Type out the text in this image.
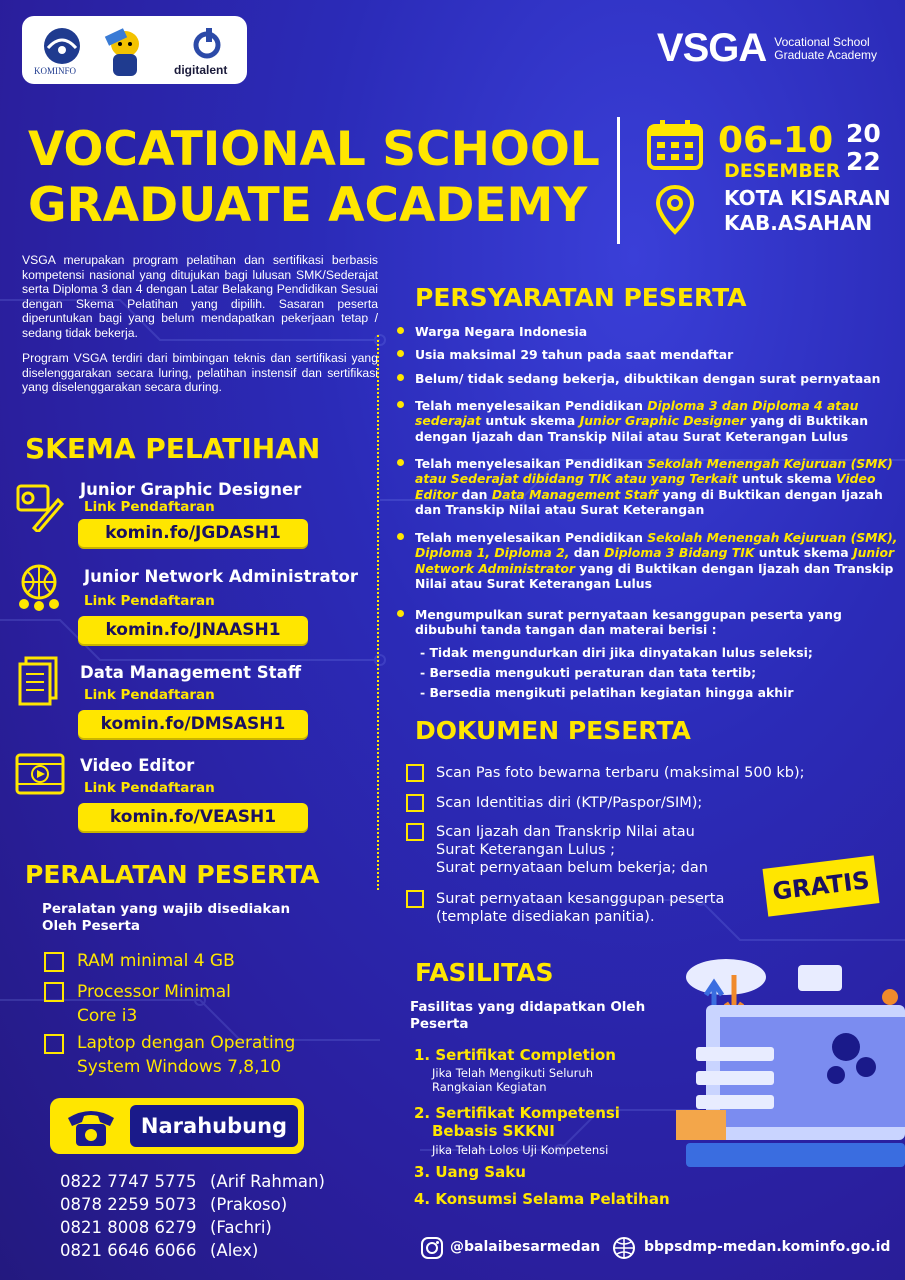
KOMINFO	digitalent	VSGA Vocational School
Graduate Academy
VOCATIONAL SCHOOL
GRADUATE ACADEMY
06-10
DESEMBER
20
22
KOTA KISARAN
KAB.ASAHAN
VSGA merupakan program pelatihan dan sertifikasi berbasis kompetensi nasional yang ditujukan bagi lulusan SMK/Sederajat serta Diploma 3 dan 4 dengan Latar Belakang Pendidikan Sesuai dengan Skema Pelatihan yang dipilih. Sasaran peserta diperuntukan bagi yang belum mendapatkan pekerjaan tetap / sedang tidak bekerja.
Program VSGA terdiri dari bimbingan teknis dan sertifikasi yang diselenggarakan secara luring, pelatihan instensif dan sertifikasi yang diselenggarakan secara during.
SKEMA PELATIHAN
Junior Graphic Designer
Link Pendaftaran
komin.fo/JGDASH1
Junior Network Administrator
Link Pendaftaran
komin.fo/JNAASH1
Data Management Staff
Link Pendaftaran
komin.fo/DMSASH1
Video Editor
Link Pendaftaran
komin.fo/VEASH1
PERALATAN PESERTA
Peralatan yang wajib disediakan Oleh Peserta
RAM minimal 4 GB
Processor Minimal
Core i3
Laptop dengan Operating
System Windows 7,8,10
Narahubung
0822 7747 5775 (Arif Rahman)
0878 2259 5073 (Prakoso)
0821 8008 6279 (Fachri)
0821 6646 6066 (Alex)
PERSYARATAN PESERTA
Warga Negara Indonesia
Usia maksimal 29 tahun pada saat mendaftar
Belum/ tidak sedang bekerja, dibuktikan dengan surat pernyataan
Telah menyelesaikan Pendidikan Diploma 3 dan Diploma 4 atau sederajat untuk skema Junior Graphic Designer yang di Buktikan dengan Ijazah dan Transkip Nilai atau Surat Keterangan Lulus
Telah menyelesaikan Pendidikan Sekolah Menengah Kejuruan (SMK) atau Sederajat dibidang TIK atau yang Terkait untuk skema Video Editor dan Data Management Staff yang di Buktikan dengan Ijazah dan Transkip Nilai atau Surat Keterangan
Telah menyelesaikan Pendidikan Sekolah Menengah Kejuruan (SMK), Diploma 1, Diploma 2, dan Diploma 3 Bidang TIK untuk skema Junior Network Administrator yang di Buktikan dengan Ijazah dan Transkip Nilai atau Surat Keterangan Lulus
Mengumpulkan surat pernyataan kesanggupan peserta yang dibubuhi tanda tangan dan materai berisi :
- Tidak mengundurkan diri jika dinyatakan lulus seleksi;
- Bersedia mengukuti peraturan dan tata tertib;
- Bersedia mengikuti pelatihan kegiatan hingga akhir
DOKUMEN PESERTA
Scan Pas foto bewarna terbaru (maksimal 500 kb);
Scan Identitias diri (KTP/Paspor/SIM);
Scan Ijazah dan Transkrip Nilai atau
Surat Keterangan Lulus ;
Surat pernyataan belum bekerja; dan
Surat pernyataan kesanggupan peserta
(template disediakan panitia).
GRATIS
FASILITAS
Fasilitas yang didapatkan Oleh Peserta
1. Sertifikat Completion
Jika Telah Mengikuti Seluruh
Rangkaian Kegiatan
2. Sertifikat Kompetensi
Bebasis SKKNI
Jika Telah Lolos Uji Kompetensi
3. Uang Saku
4. Konsumsi Selama Pelatihan
@balaibesarmedan	bbpsdmp-medan.kominfo.go.id
